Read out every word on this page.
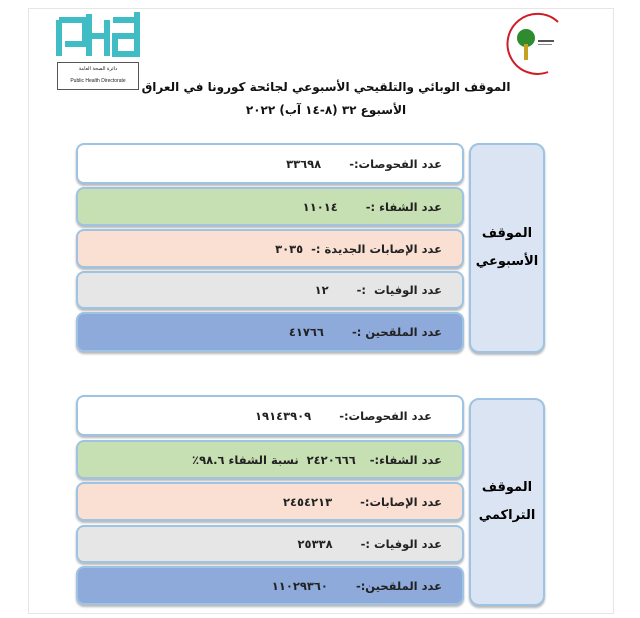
دائرة الصحة العامة
Public Health Directorate	الموقف الوبائي والتلقيحي الأسبوعي لجائحة كورونا في العراق
الأسبوع ٣٢ (٨-١٤ آب) ٢٠٢٢
الموقف
الأسبوعي
عدد الفحوصات:-
٣٣٦٩٨
عدد الشفاء :-
١١٠١٤
عدد الإصابات الجديدة :-
٣٠٣٥
عدد الوفيات  :-
١٢
عدد الملقحين :-
٤١٧٦٦
الموقف
التراكمي
عدد الفحوصات:-
١٩١٤٣٩٠٩
عدد الشفاء:-
٢٤٢٠٦٦٦  نسبة الشفاء ٩٨.٦٪
عدد الإصابات:-
٢٤٥٤٢١٣
عدد الوفيات :-
٢٥٣٣٨
عدد الملقحين:-
١١٠٢٩٣٦٠
